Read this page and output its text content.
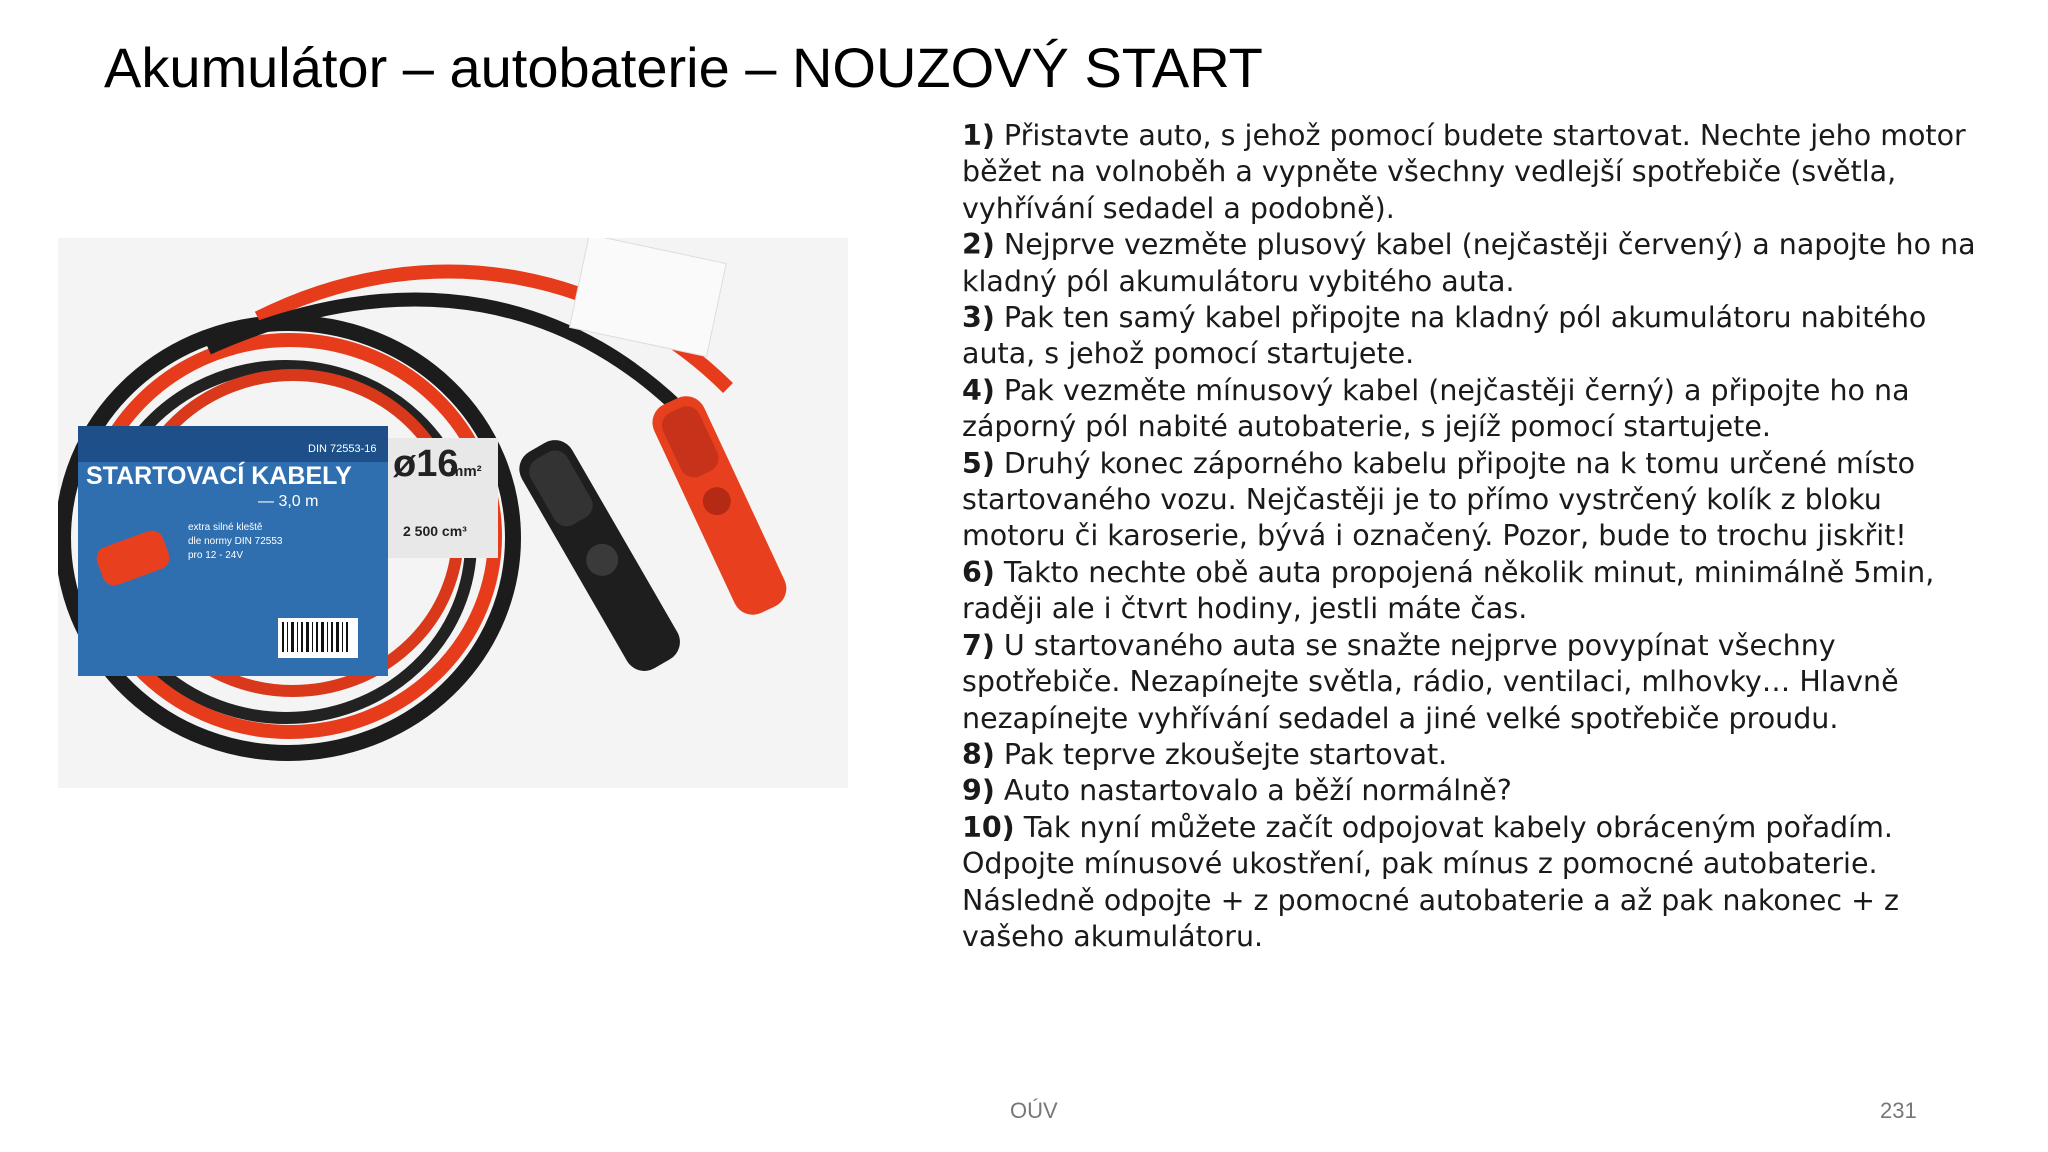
Akumulátor – autobaterie – NOUZOVÝ START
STARTOVACÍ KABELY
— 3,0 m
DIN 72553-16 ø16
mm²
2 500 cm³
extra silné kleště
dle normy DIN 72553
pro 12 - 24V

1) Přistavte auto, s jehož pomocí budete startovat. Nechte jeho motor běžet na volnoběh a vypněte všechny vedlejší spotřebiče (světla, vyhřívání sedadel a podobně).

2) Nejprve vezměte plusový kabel (nejčastěji červený) a napojte ho na kladný pól akumulátoru vybitého auta.

3) Pak ten samý kabel připojte na kladný pól akumulátoru nabitého auta, s jehož pomocí startujete.

4) Pak vezměte mínusový kabel (nejčastěji černý) a připojte ho na záporný pól nabité autobaterie, s jejíž pomocí startujete.

5) Druhý konec záporného kabelu připojte na k tomu určené místo startovaného vozu. Nejčastěji je to přímo vystrčený kolík z bloku motoru či karoserie, bývá i označený. Pozor, bude to trochu jiskřit!

6) Takto nechte obě auta propojená několik minut, minimálně 5min, raději ale i čtvrt hodiny, jestli máte čas.

7) U startovaného auta se snažte nejprve povypínat všechny spotřebiče. Nezapínejte světla, rádio, ventilaci, mlhovky… Hlavně nezapínejte vyhřívání sedadel a jiné velké spotřebiče proudu.

8) Pak teprve zkoušejte startovat.

9) Auto nastartovalo a běží normálně?

10) Tak nyní můžete začít odpojovat kabely obráceným pořadím. Odpojte mínusové ukostření, pak mínus z pomocné autobaterie. Následně odpojte + z pomocné autobaterie a až pak nakonec + z vašeho akumulátoru.

OÚV	231
